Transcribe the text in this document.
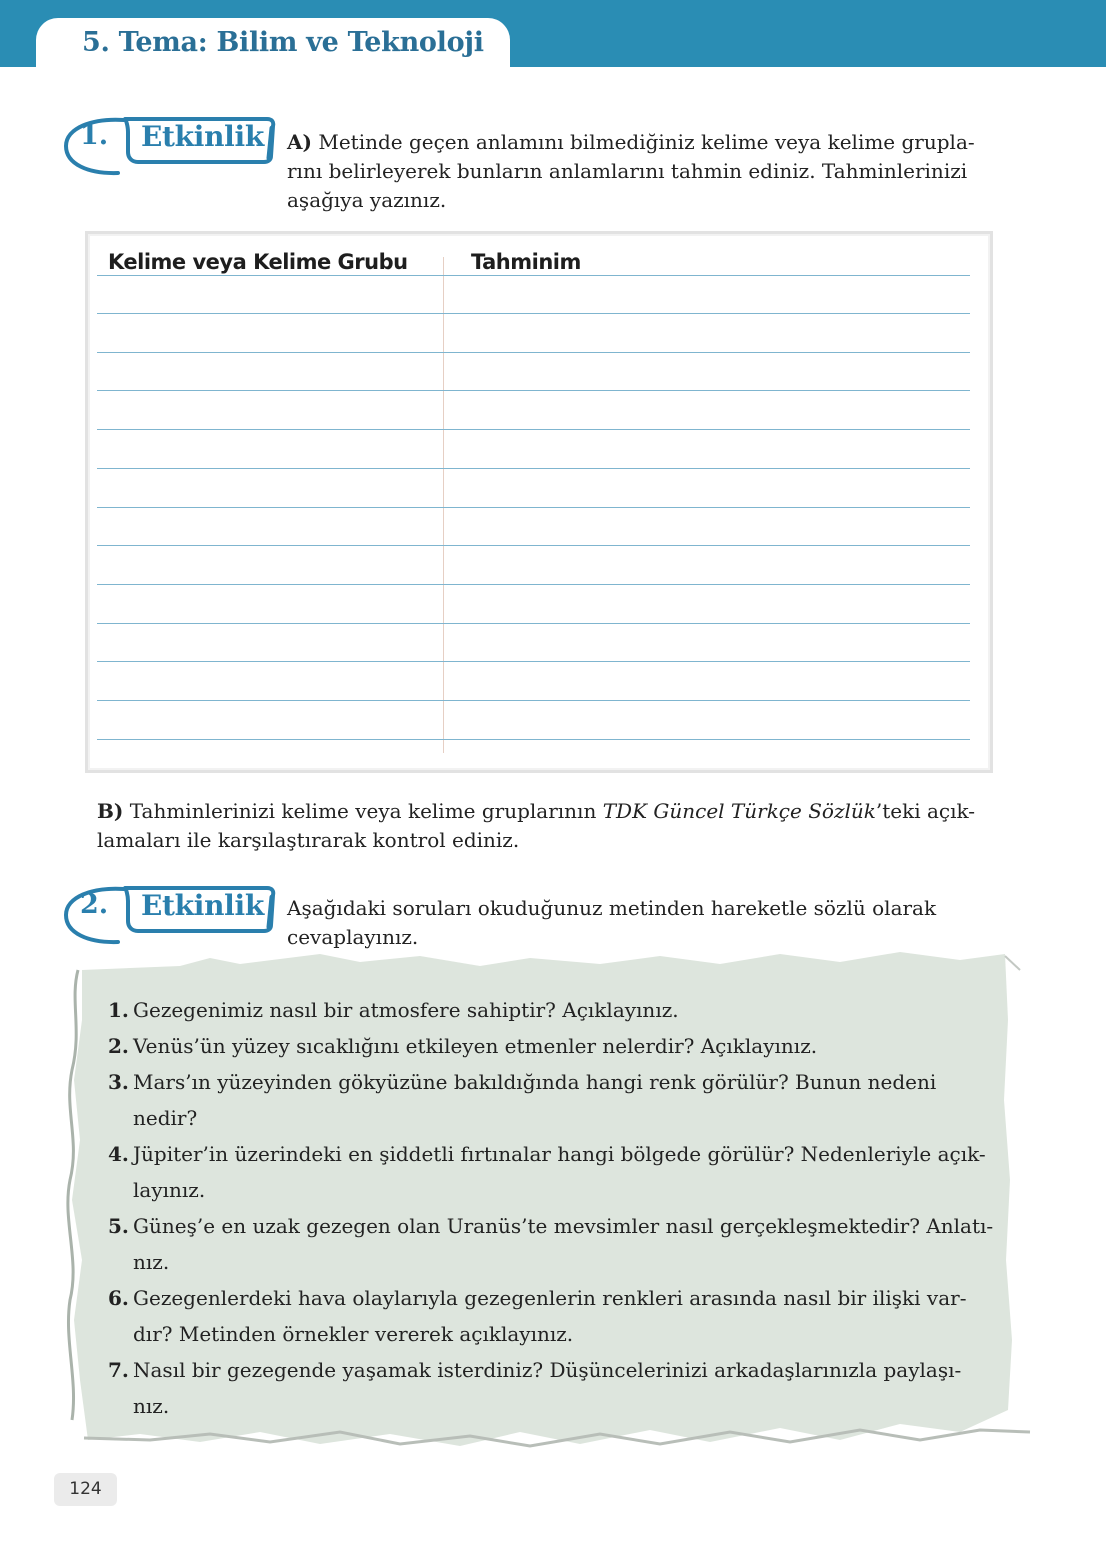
5. Tema: Bilim ve Teknoloji
1. Etkinlik A) Metinde geçen anlamını bilmediğiniz kelime veya kelime grupla-
rını belirleyerek bunların anlamlarını tahmin ediniz. Tahminlerinizi
aşağıya yazınız.
Kelime veya Kelime Grubu	Tahminim
B) Tahminlerinizi kelime veya kelime gruplarının TDK Güncel Türkçe Sözlük’teki açık-
lamaları ile karşılaştırarak kontrol ediniz.
2. Etkinlik Aşağıdaki soruları okuduğunuz metinden hareketle sözlü olarak
cevaplayınız.
1. Gezegenimiz nasıl bir atmosfere sahiptir? Açıklayınız.
2. Venüs’ün yüzey sıcaklığını etkileyen etmenler nelerdir? Açıklayınız.
3. Mars’ın yüzeyinden gökyüzüne bakıldığında hangi renk görülür? Bunun nedeni
nedir?
4. Jüpiter’in üzerindeki en şiddetli fırtınalar hangi bölgede görülür? Nedenleriyle açık-
layınız.
5. Güneş’e en uzak gezegen olan Uranüs’te mevsimler nasıl gerçekleşmektedir? Anlatı-
nız.
6. Gezegenlerdeki hava olaylarıyla gezegenlerin renkleri arasında nasıl bir ilişki var-
dır? Metinden örnekler vererek açıklayınız.
7. Nasıl bir gezegende yaşamak isterdiniz? Düşüncelerinizi arkadaşlarınızla paylaşı-
nız.
124
